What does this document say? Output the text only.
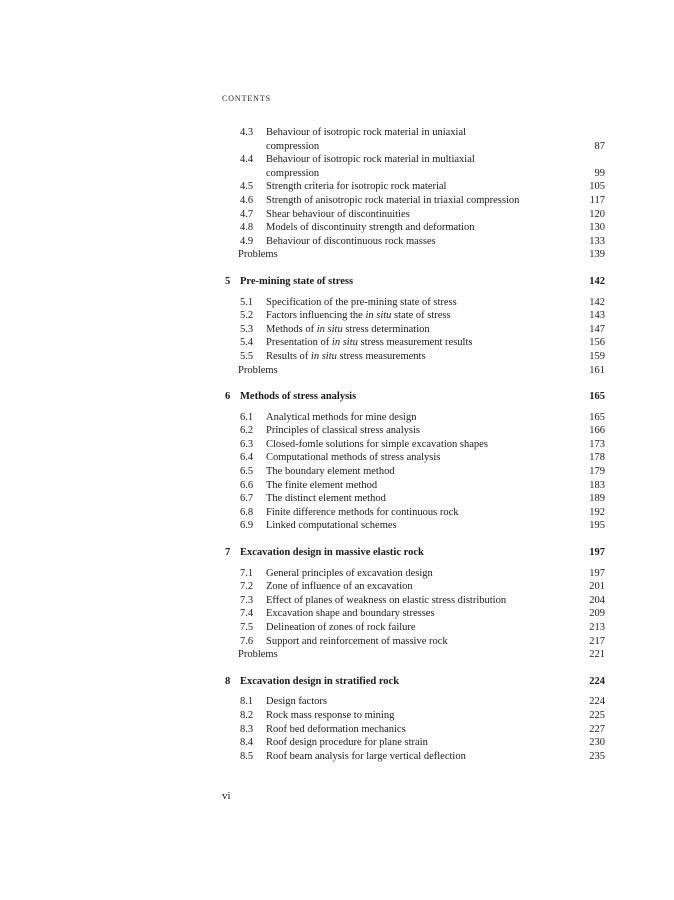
CONTENTS
4.3	Behaviour of isotropic rock material in uniaxial
compression	87
4.4	Behaviour of isotropic rock material in multiaxial
compression	99
4.5	Strength criteria for isotropic rock material	105
4.6	Strength of anisotropic rock material in triaxial compression	117
4.7	Shear behaviour of discontinuities	120
4.8	Models of discontinuity strength and deformation	130
4.9	Behaviour of discontinuous rock masses	133
Problems	139
5 Pre-mining state of stress	142
5.1	Specification of the pre-mining state of stress	142
5.2	Factors influencing the in situ state of stress	143
5.3	Methods of in situ stress determination	147
5.4	Presentation of in situ stress measurement results	156
5.5	Results of in situ stress measurements	159
Problems	161
6 Methods of stress analysis	165
6.1	Analytical methods for mine design	165
6.2	Principles of classical stress analysis	166
6.3	Closed-fomle solutions for simple excavation shapes	173
6.4	Computational methods of stress analysis	178
6.5	The boundary element method	179
6.6	The finite element method	183
6.7	The distinct element method	189
6.8	Finite difference methods for continuous rock	192
6.9	Linked computational schemes	195
7 Excavation design in massive elastic rock	197
7.1	General principles of excavation design	197
7.2	Zone of influence of an excavation	201
7.3	Effect of planes of weakness on elastic stress distribution	204
7.4	Excavation shape and boundary stresses	209
7.5	Delineation of zones of rock failure	213
7.6	Support and reinforcement of massive rock	217
Problems	221
8 Excavation design in stratified rock	224
8.1	Design factors	224
8.2	Rock mass response to mining	225
8.3	Roof bed deformation mechanics	227
8.4	Roof design procedure for plane strain	230
8.5	Roof beam analysis for large vertical deflection	235
vi
